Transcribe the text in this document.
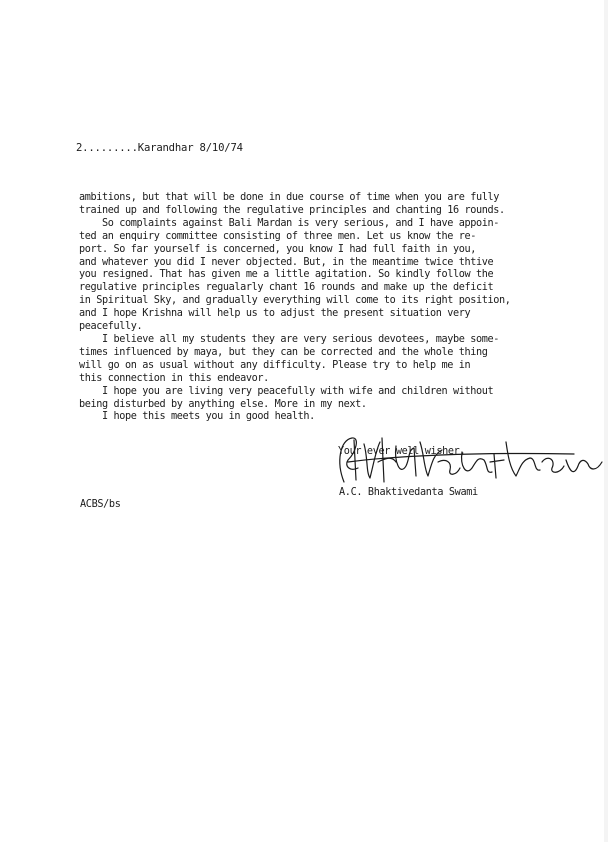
2.........Karandhar 8/10/74
ambitions, but that will be done in due course of time when you are fully
trained up and following the regulative principles and chanting 16 rounds.
So complaints against Bali Mardan is very serious, and I have appoin-
ted an enquiry committee consisting of three men. Let us know the re-
port. So far yourself is concerned, you know I had full faith in you,
and whatever you did I never objected. But, in the meantime twice thtive
you resigned. That has given me a little agitation. So kindly follow the
regulative principles regualarly chant 16 rounds and make up the deficit
in Spiritual Sky, and gradually everything will come to its right position,
and I hope Krishna will help us to adjust the present situation very
peacefully.
I believe all my students they are very serious devotees, maybe some-
times influenced by maya, but they can be corrected and the whole thing
will go on as usual without any difficulty. Please try to help me in
this connection in this endeavor.
I hope you are living very peacefully with wife and children without
being disturbed by anything else. More in my next.
I hope this meets you in good health.
Your ever well wisher,
A.C. Bhaktivedanta Swami
ACBS/bs
